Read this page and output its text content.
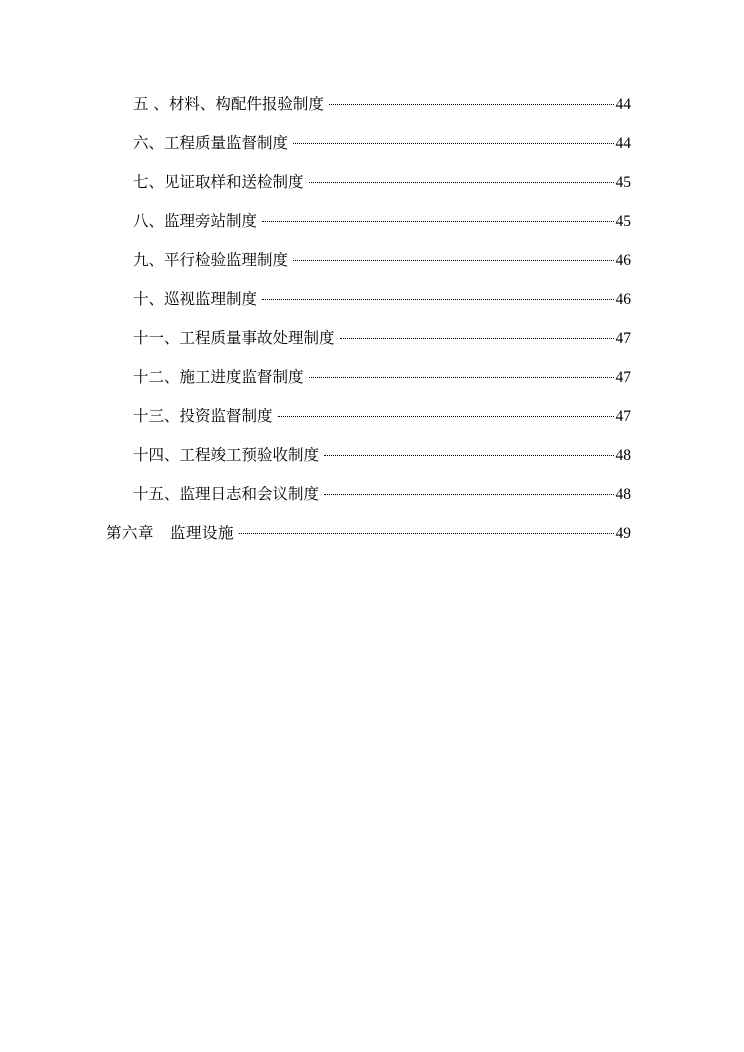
五 、材料、构配件报验制度	44
六、工程质量监督制度	44
七、见证取样和送检制度	45
八、监理旁站制度	45
九、平行检验监理制度	46
十、巡视监理制度	46
十一、工程质量事故处理制度	47
十二、施工进度监督制度	47
十三、投资监督制度	47
十四、工程竣工预验收制度	48
十五、监理日志和会议制度	48
第六章　监理设施	49
